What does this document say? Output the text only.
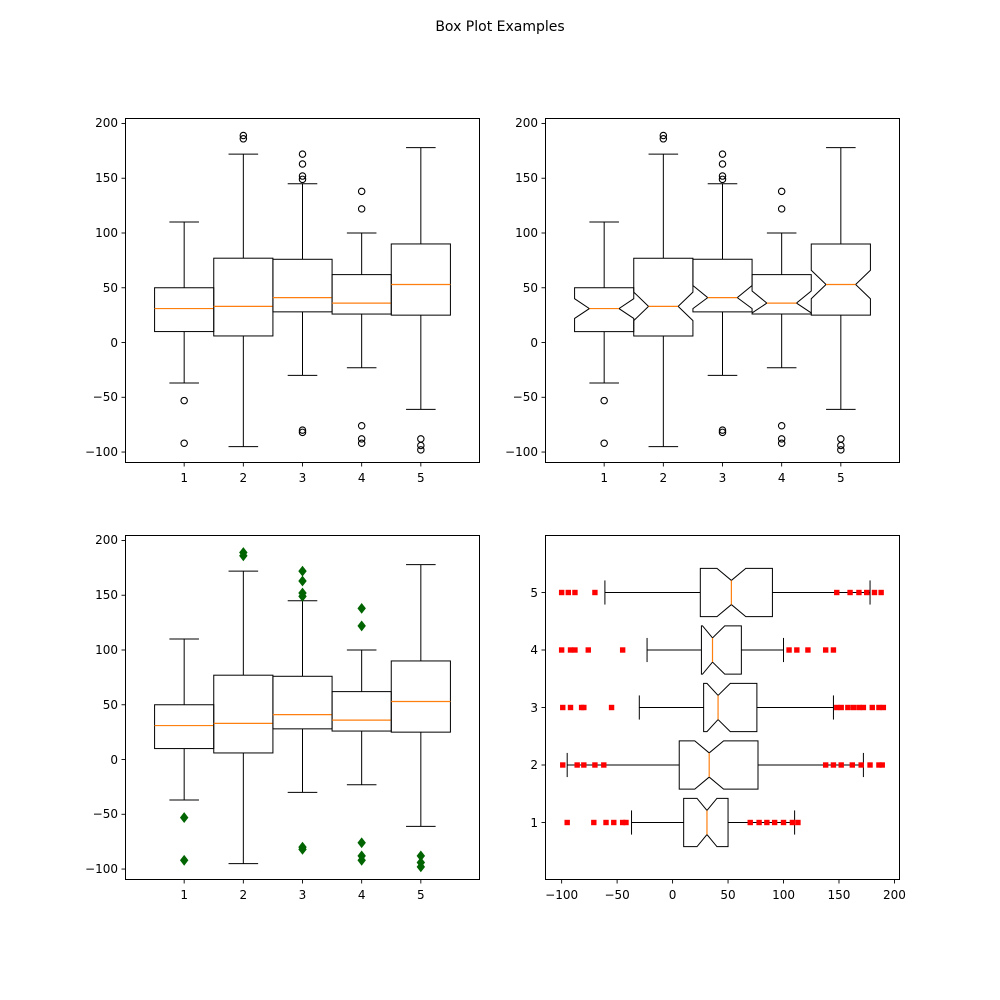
Box Plot Examples
−100
−50
0
50
100
150
200
1	2	3	4	5
−100
−50
0
50
100
150
200
1	2	3	4	5
−100
−50
0
50
100
150
200
1	2	3	4	5	−100 −50	0	50	100	150	200
1
2
3
4
5
